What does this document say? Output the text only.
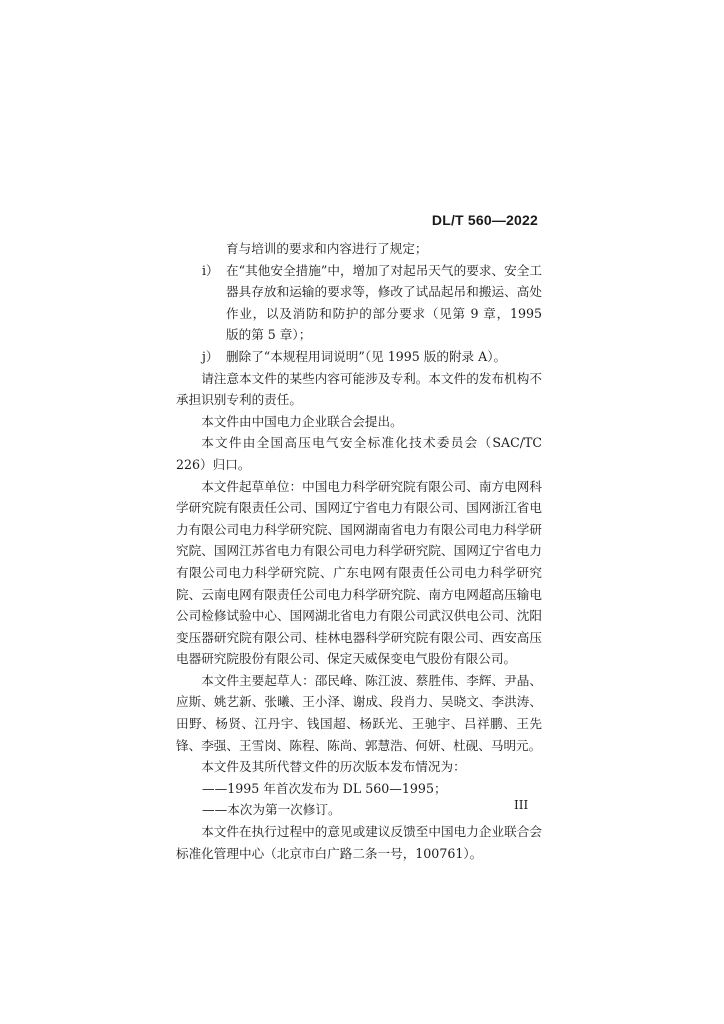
DL/T 560—2022

育与培训的要求和内容进行了规定；

i） 在“其他安全措施”中，增加了对起吊天气的要求、安全工器具存放和运输的要求等，修改了试品起吊和搬运、高处作业，以及消防和防护的部分要求（见第 9 章，1995 版的第 5 章）；

j） 删除了“本规程用词说明”（见 1995 版的附录 A）。

请注意本文件的某些内容可能涉及专利。本文件的发布机构不承担识别专利的责任。

本文件由中国电力企业联合会提出。

本文件由全国高压电气安全标准化技术委员会（SAC/TC 226）归口。

本文件起草单位：中国电力科学研究院有限公司、南方电网科学研究院有限责任公司、国网辽宁省电力有限公司、国网浙江省电力有限公司电力科学研究院、国网湖南省电力有限公司电力科学研究院、国网江苏省电力有限公司电力科学研究院、国网辽宁省电力有限公司电力科学研究院、广东电网有限责任公司电力科学研究院、云南电网有限责任公司电力科学研究院、南方电网超高压输电公司检修试验中心、国网湖北省电力有限公司武汉供电公司、沈阳变压器研究院有限公司、桂林电器科学研究院有限公司、西安高压电器研究院股份有限公司、保定天威保变电气股份有限公司。

本文件主要起草人：邵民峰、陈江波、蔡胜伟、李辉、尹晶、应斯、姚艺新、张曦、王小泽、谢成、段肖力、吴晓文、李洪涛、田野、杨贤、江丹宇、钱国超、杨跃光、王驰宇、吕祥鹏、王先锋、李强、王雪岗、陈程、陈尚、郭慧浩、何妍、杜砚、马明元。

本文件及其所代替文件的历次版本发布情况为：

——1995 年首次发布为 DL 560—1995；

——本次为第一次修订。

本文件在执行过程中的意见或建议反馈至中国电力企业联合会标准化管理中心（北京市白广路二条一号，100761）。

III
